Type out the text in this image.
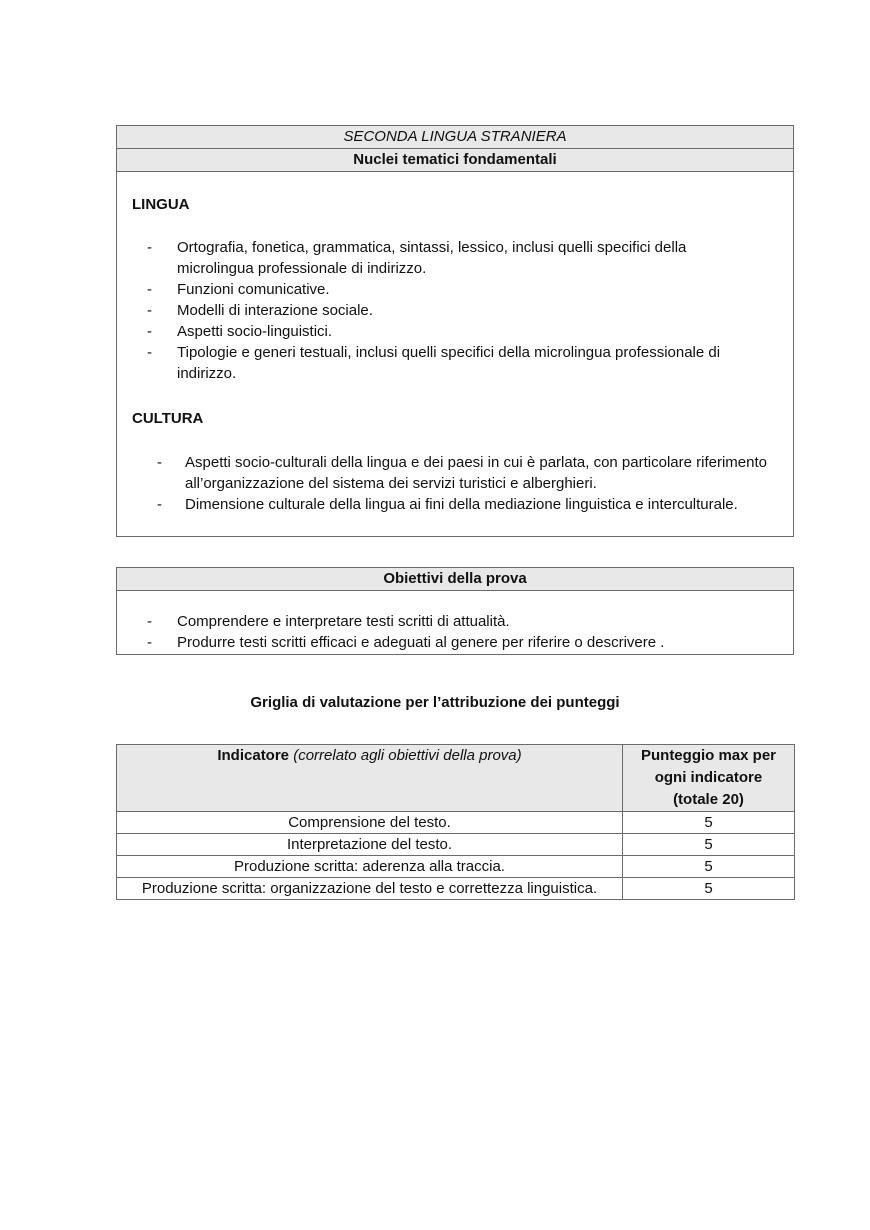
SECONDA LINGUA STRANIERA
Nuclei tematici fondamentali
LINGUA
-	Ortografia, fonetica, grammatica, sintassi, lessico, inclusi quelli specifici della microlingua professionale di indirizzo.
-	Funzioni comunicative.
-	Modelli di interazione sociale.
-	Aspetti socio-linguistici.
-	Tipologie e generi testuali, inclusi quelli specifici della microlingua professionale di indirizzo.
CULTURA
-	Aspetti socio-culturali della lingua e dei paesi in cui è parlata, con particolare riferimento all’organizzazione del sistema dei servizi turistici e alberghieri.
-	Dimensione culturale della lingua ai fini della mediazione linguistica e interculturale.
Obiettivi della prova
-	Comprendere e interpretare testi scritti di attualità.
-	Produrre testi scritti efficaci e adeguati al genere per riferire o descrivere .
Griglia di valutazione per l’attribuzione dei punteggi
Indicatore (correlato agli obiettivi della prova)	Punteggio max per
ogni indicatore
(totale 20)

Comprensione del testo.	5
Interpretazione del testo.	5
Produzione scritta: aderenza alla traccia.	5
Produzione scritta: organizzazione del testo e correttezza linguistica.	5
